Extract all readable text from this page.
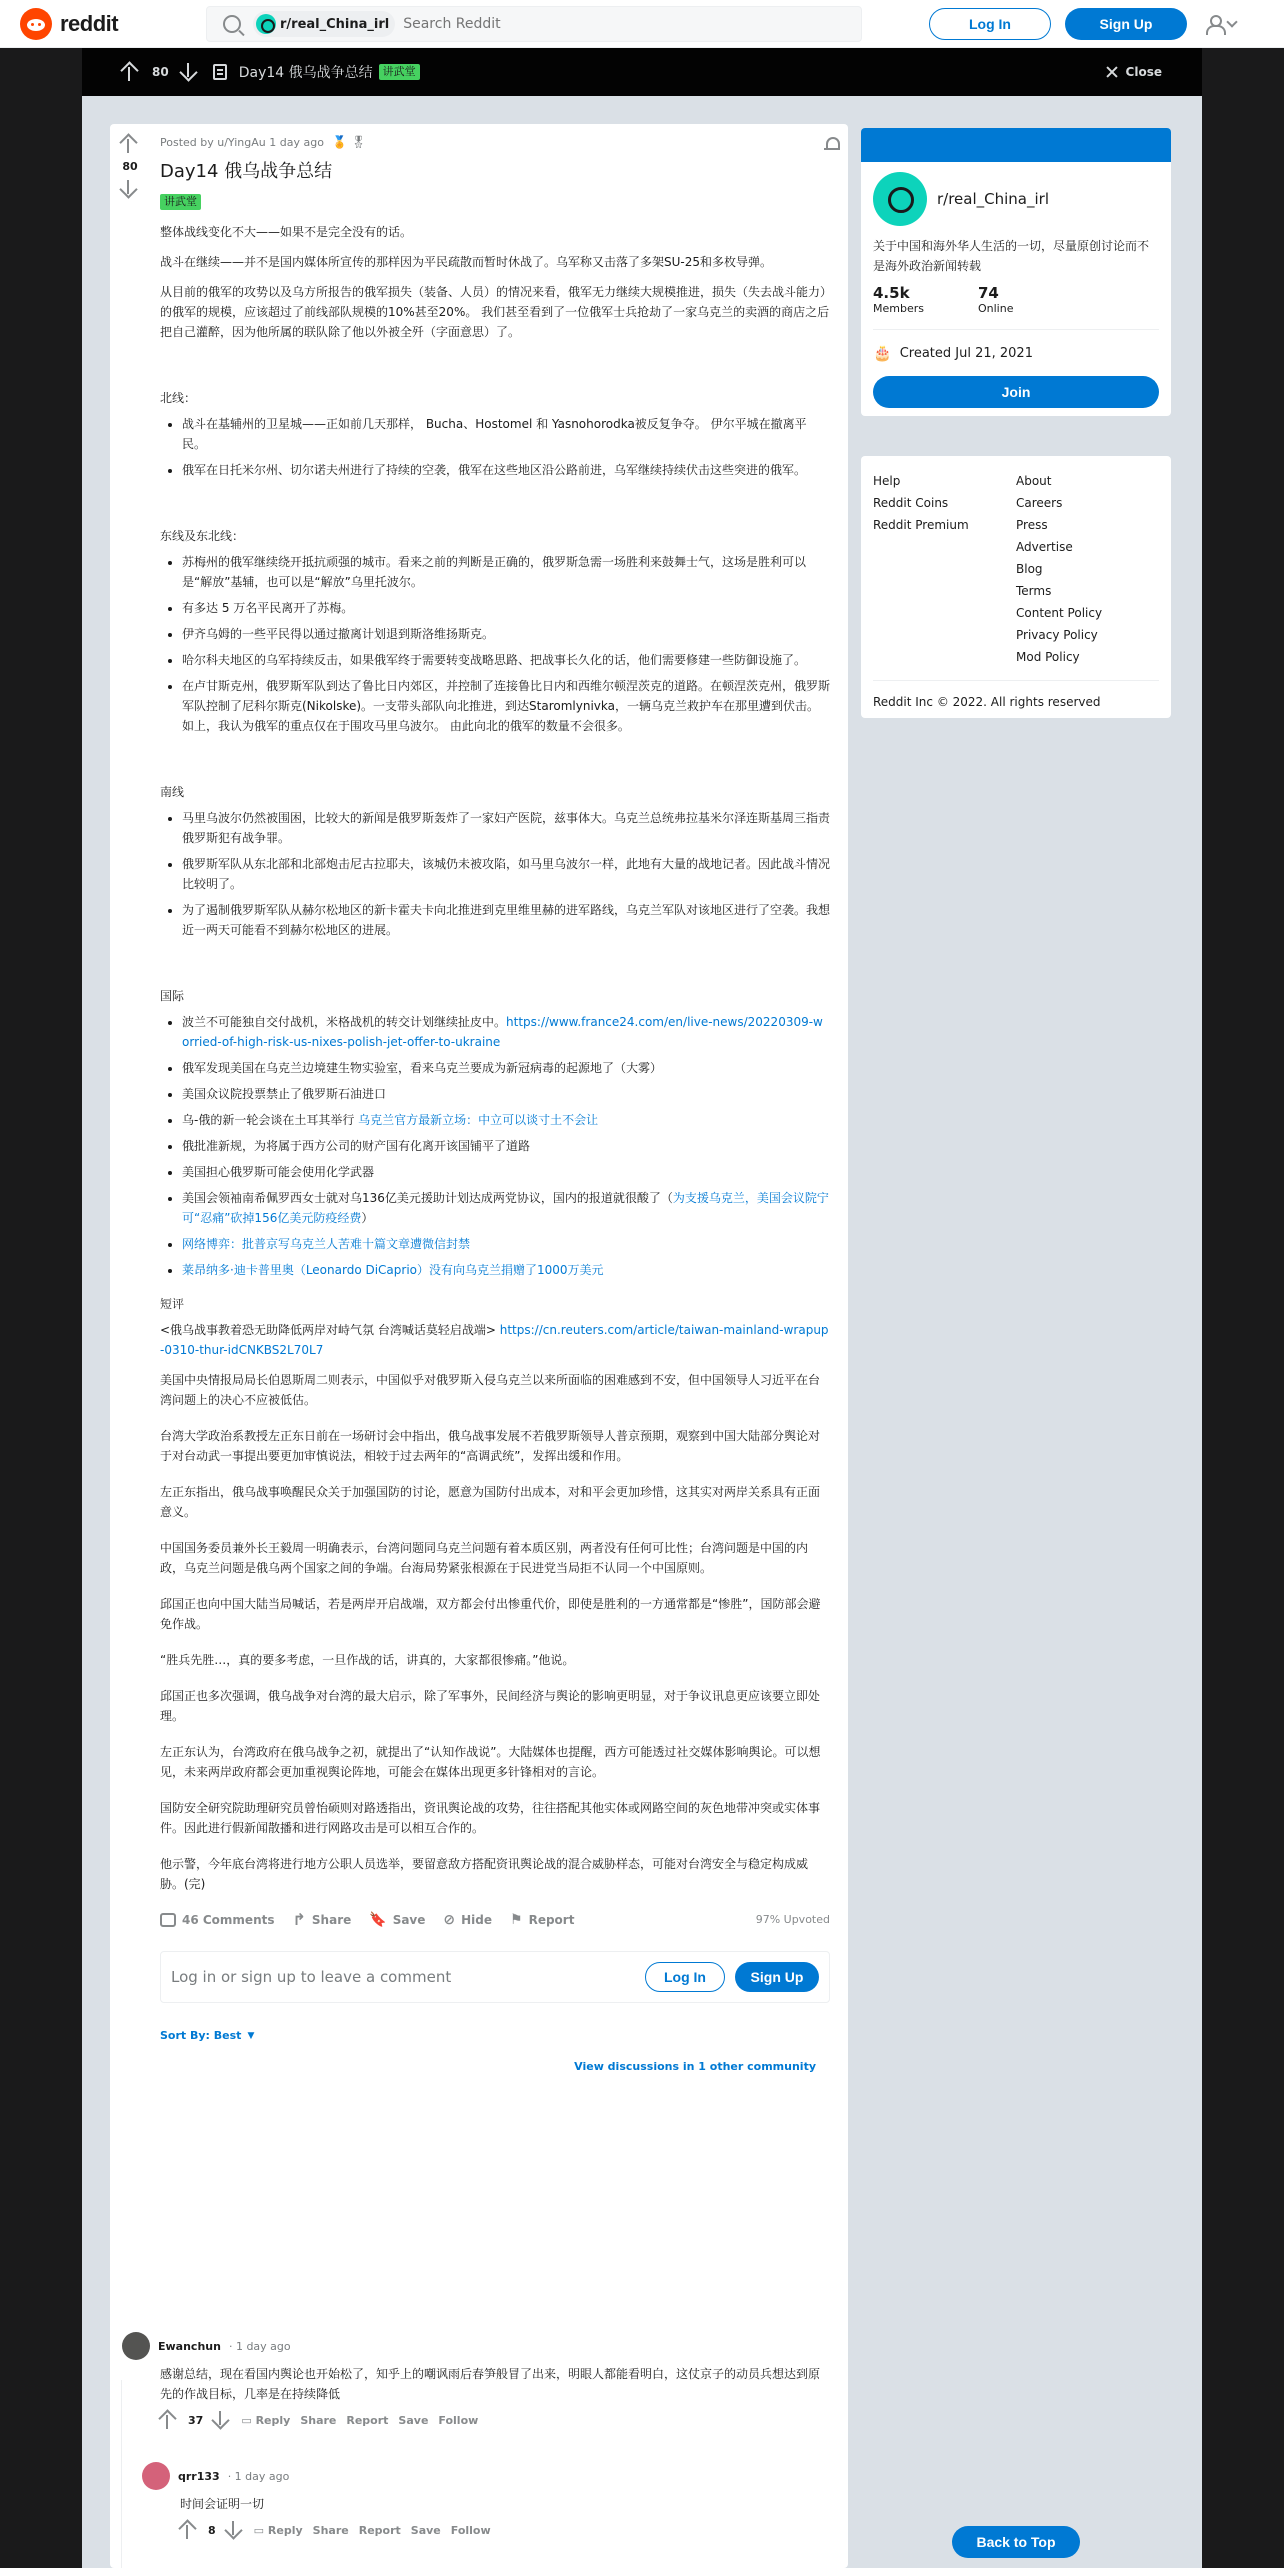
reddit	r/real_China_irl
Search Reddit	Log In	Sign Up
80	Day14 俄乌战争总结 讲武堂	Close
80
Posted by u/YingAu 1 day ago 🏅 🎖
Day14 俄乌战争总结
讲武堂

整体战线变化不大——如果不是完全没有的话。

战斗在继续——并不是国内媒体所宣传的那样因为平民疏散而暂时休战了。乌军称又击落了多架SU-25和多枚导弹。

从目前的俄军的攻势以及乌方所报告的俄军损失（装备、人员）的情况来看，俄军无力继续大规模推进，损失（失去战斗能力）的俄军的规模，应该超过了前线部队规模的10%甚至20%。 我们甚至看到了一位俄军士兵抢劫了一家乌克兰的卖酒的商店之后把自己灌醉，因为他所属的联队除了他以外被全歼（字面意思）了。

北线：

• 战斗在基辅州的卫星城——正如前几天那样， Bucha、Hostomel 和 Yasnohorodka被反复争夺。 伊尔平城在撤离平民。
• 俄军在日托米尔州、切尔诺夫州进行了持续的空袭，俄军在这些地区沿公路前进，乌军继续持续伏击这些突进的俄军。

东线及东北线：

• 苏梅州的俄军继续绕开抵抗顽强的城市。看来之前的判断是正确的，俄罗斯急需一场胜利来鼓舞士气，这场是胜利可以是“解放”基辅，也可以是“解放”乌里托波尔。
• 有多达 5 万名平民离开了苏梅。
• 伊齐乌姆的一些平民得以通过撤离计划退到斯洛维扬斯克。
• 哈尔科夫地区的乌军持续反击，如果俄军终于需要转变战略思路、把战事长久化的话，他们需要修建一些防御设施了。
• 在卢甘斯克州，俄罗斯军队到达了鲁比日内郊区，并控制了连接鲁比日内和西维尔顿涅茨克的道路。在顿涅茨克州，俄罗斯军队控制了尼科尔斯克(Nikolske)。一支带头部队向北推进，到达Staromlynivka，一辆乌克兰救护车在那里遭到伏击。如上，我认为俄军的重点仅在于围攻马里乌波尔。 由此向北的俄军的数量不会很多。

南线

• 马里乌波尔仍然被围困，比较大的新闻是俄罗斯轰炸了一家妇产医院，兹事体大。乌克兰总统弗拉基米尔泽连斯基周三指责俄罗斯犯有战争罪。
• 俄罗斯军队从东北部和北部炮击尼古拉耶夫，该城仍未被攻陷，如马里乌波尔一样，此地有大量的战地记者。因此战斗情况比较明了。
• 为了遏制俄罗斯军队从赫尔松地区的新卡霍夫卡向北推进到克里维里赫的进军路线，乌克兰军队对该地区进行了空袭。我想近一两天可能看不到赫尔松地区的进展。

国际

• 波兰不可能独自交付战机，米格战机的转交计划继续扯皮中。https://www.france24.com/en/live-news/20220309-worried-of-high-risk-us-nixes-polish-jet-offer-to-ukraine
• 俄军发现美国在乌克兰边境建生物实验室，看来乌克兰要成为新冠病毒的起源地了（大雾）
• 美国众议院投票禁止了俄罗斯石油进口
• 乌-俄的新一轮会谈在土耳其举行 乌克兰官方最新立场：中立可以谈寸土不会让
• 俄批准新规，为将属于西方公司的财产国有化离开该国铺平了道路
• 美国担心俄罗斯可能会使用化学武器
• 美国会领袖南希佩罗西女士就对乌136亿美元援助计划达成两党协议，国内的报道就很酸了（为支援乌克兰，美国会议院宁可“忍痛”砍掉156亿美元防疫经费）
• 网络博弈：批普京写乌克兰人苦难十篇文章遭微信封禁
• 莱昂纳多·迪卡普里奥（Leonardo DiCaprio）没有向乌克兰捐赠了1000万美元

短评

<俄乌战事教着恐无助降低两岸对峙气氛 台湾喊话莫轻启战端> https://cn.reuters.com/article/taiwan-mainland-wrapup-0310-thur-idCNKBS2L70L7

美国中央情报局局长伯恩斯周二则表示，中国似乎对俄罗斯入侵乌克兰以来所面临的困难感到不安，但中国领导人习近平在台湾问题上的决心不应被低估。

台湾大学政治系教授左正东日前在一场研讨会中指出，俄乌战事发展不若俄罗斯领导人普京预期，观察到中国大陆部分舆论对于对台动武一事提出要更加审慎说法，相较于过去两年的“高调武统”，发挥出缓和作用。

左正东指出，俄乌战事唤醒民众关于加强国防的讨论，愿意为国防付出成本，对和平会更加珍惜，这其实对两岸关系具有正面意义。

中国国务委员兼外长王毅周一明确表示，台湾问题同乌克兰问题有着本质区别，两者没有任何可比性；台湾问题是中国的内政，乌克兰问题是俄乌两个国家之间的争端。台海局势紧张根源在于民进党当局拒不认同一个中国原则。

邱国正也向中国大陆当局喊话，若是两岸开启战端，双方都会付出惨重代价，即使是胜利的一方通常都是“惨胜”，国防部会避免作战。

“胜兵先胜…，真的要多考虑，一旦作战的话，讲真的，大家都很惨痛。”他说。

邱国正也多次强调，俄乌战争对台湾的最大启示，除了军事外，民间经济与舆论的影响更明显，对于争议讯息更应该要立即处理。

左正东认为，台湾政府在俄乌战争之初，就提出了“认知作战说”。大陆媒体也提醒，西方可能透过社交媒体影响舆论。可以想见，未来两岸政府都会更加重视舆论阵地，可能会在媒体出现更多针锋相对的言论。

国防安全研究院助理研究员曾怡硕则对路透指出，资讯舆论战的攻势，往往搭配其他实体或网路空间的灰色地带冲突或实体事件。因此进行假新闻散播和进行网路攻击是可以相互合作的。

他示警，今年底台湾将进行地方公职人员选举，要留意敌方搭配资讯舆论战的混合威胁样态，可能对台湾安全与稳定构成威胁。(完)

46 Comments ↱ Share 🔖 Save ⊘ Hide ⚑ Report	97% Upvoted
Log in or sign up to leave a comment	Log In	Sign Up
Sort By: Best ▼
View discussions in 1 other community
Ewanchun · 1 day ago
感谢总结，现在看国内舆论也开始松了，知乎上的嘲讽雨后春笋般冒了出来，明眼人都能看明白，这仗京子的动员兵想达到原先的作战目标，几率是在持续降低
37	▭ Reply Share Report Save Follow
qrr133 · 1 day ago
时间会证明一切
8	▭ Reply Share Report Save Follow
r/real_China_irl
关于中国和海外华人生活的一切，尽量原创讨论而不是海外政治新闻转载
4.5k
Members
74
Online
🎂 Created Jul 21, 2021
Join
Help
Reddit Coins
Reddit Premium
About
Careers
Press
Advertise
Blog
Terms
Content Policy
Privacy Policy
Mod Policy
Reddit Inc © 2022. All rights reserved
Back to Top
